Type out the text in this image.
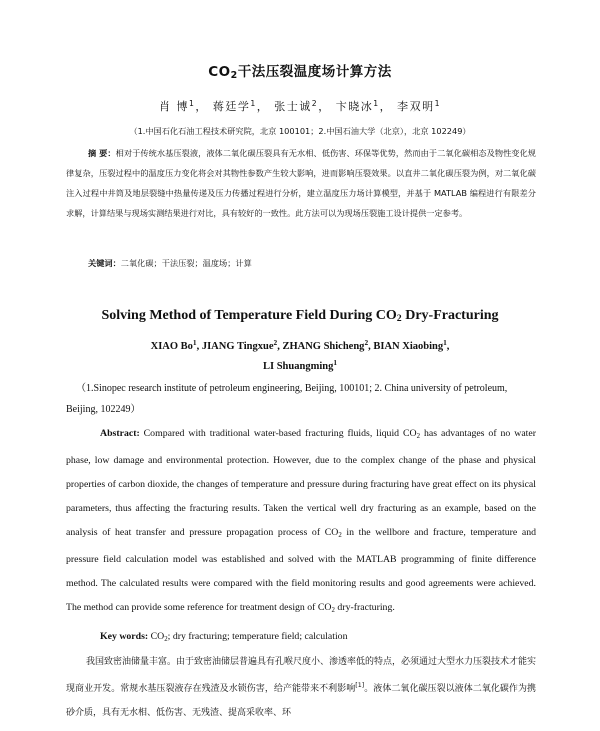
$CO_2$干法压裂温度场计算方法
肖 博$^1$， 蒋廷学$^1$， 张士诚$^2$， 卞晓冰$^1$， 李双明$^1$
（1.中国石化石油工程技术研究院，北京 100101；2.中国石油大学（北京），北京 102249）
摘 要：相对于传统水基压裂液，液体二氧化碳压裂具有无水相、低伤害、环保等优势，然而由于二氧化碳相态及物性变化规律复杂，压裂过程中的温度压力变化将会对其物性参数产生较大影响，进而影响压裂效果。以直井二氧化碳压裂为例，对二氧化碳注入过程中井筒及地层裂缝中热量传递及压力传播过程进行分析，建立温度压力场计算模型，并基于 MATLAB 编程进行有限差分求解，计算结果与现场实测结果进行对比，具有较好的一致性。此方法可以为现场压裂施工设计提供一定参考。
关键词：二氧化碳；干法压裂；温度场；计算
Solving Method of Temperature Field During $CO_2$ Dry-Fracturing
XIAO Bo$^1$, JIANG Tingxue$^2$, ZHANG Shicheng$^2$, BIAN Xiaobing$^1$,
LI Shuangming$^1$
（1.Sinopec research institute of petroleum engineering, Beijing, 100101; 2. China university of petroleum, Beijing, 102249）
Abstract: Compared with traditional water-based fracturing fluids, liquid $CO_2$ has advantages of no water phase, low damage and environmental protection. However, due to the complex change of the phase and physical properties of carbon dioxide, the changes of temperature and pressure during fracturing have great effect on its physical parameters, thus affecting the fracturing results. Taken the vertical well dry fracturing as an example, based on the analysis of heat transfer and pressure propagation process of $CO_2$ in the wellbore and fracture, temperature and pressure field calculation model was established and solved with the MATLAB programming of finite difference method. The calculated results were compared with the field monitoring results and good agreements were achieved. The method can provide some reference for treatment design of $CO_2$ dry-fracturing.
Key words: $CO_2$; dry fracturing; temperature field; calculation
我国致密油储量丰富。由于致密油储层普遍具有孔喉尺度小、渗透率低的特点，必须通过大型水力压裂技术才能实现商业开发。常规水基压裂液存在残渣及水锁伤害，给产能带来不利影响[1]。液体二氧化碳压裂以液体二氧化碳作为携砂介质，具有无水相、低伤害、无残渣、提高采收率、环
